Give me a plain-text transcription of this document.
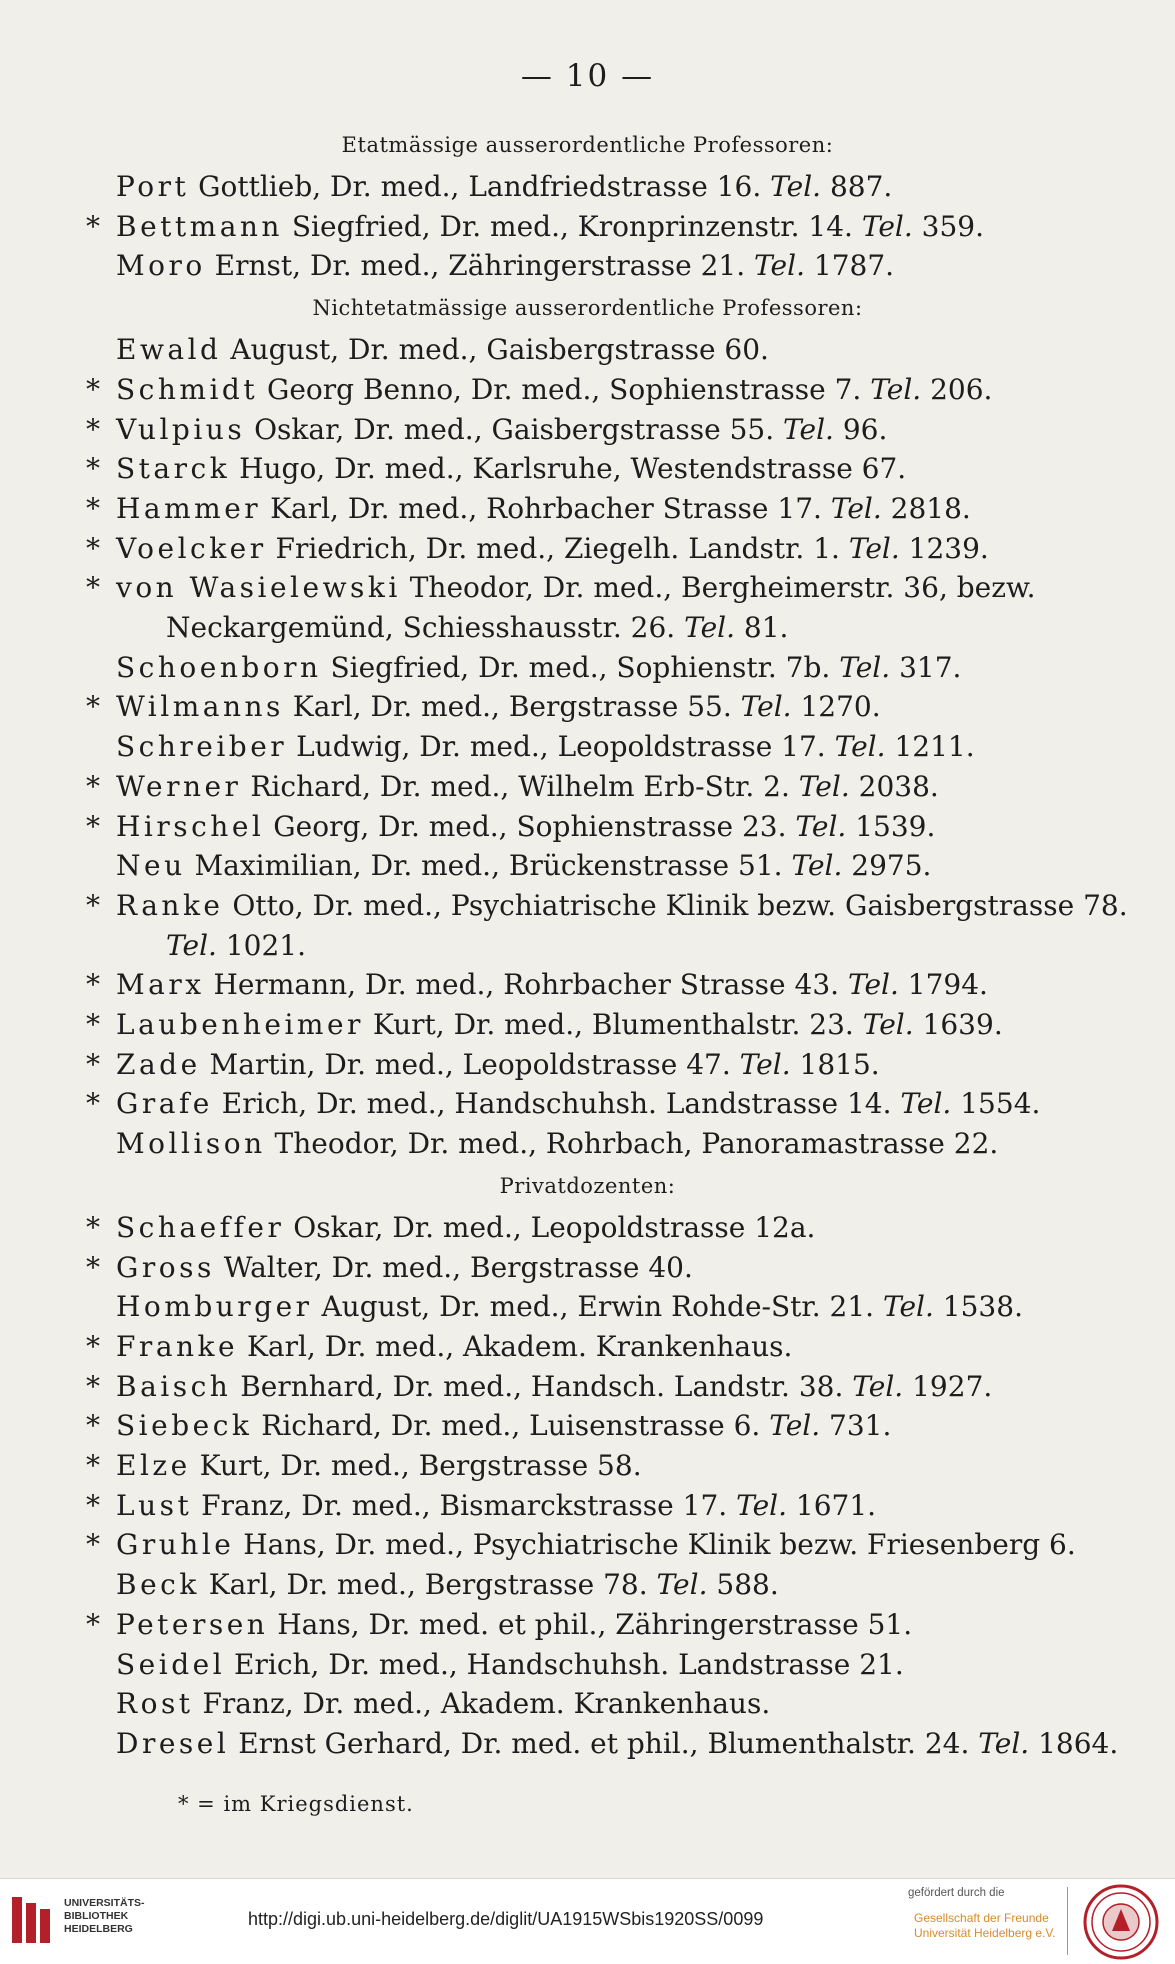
— 10 —
Etatmässige ausserordentliche Professoren:
Port Gottlieb, Dr. med., Landfriedstrasse 16. Tel. 887.
* Bettmann Siegfried, Dr. med., Kronprinzenstr. 14. Tel. 359.
Moro Ernst, Dr. med., Zähringerstrasse 21. Tel. 1787.
Nichtetatmässige ausserordentliche Professoren:
Ewald August, Dr. med., Gaisbergstrasse 60.
* Schmidt Georg Benno, Dr. med., Sophienstrasse 7. Tel. 206.
* Vulpius Oskar, Dr. med., Gaisbergstrasse 55. Tel. 96.
* Starck Hugo, Dr. med., Karlsruhe, Westendstrasse 67.
* Hammer Karl, Dr. med., Rohrbacher Strasse 17. Tel. 2818.
* Voelcker Friedrich, Dr. med., Ziegelh. Landstr. 1. Tel. 1239.
* von Wasielewski Theodor, Dr. med., Bergheimerstr. 36, bezw.
Neckargemünd, Schiesshausstr. 26. Tel. 81.
Schoenborn Siegfried, Dr. med., Sophienstr. 7b. Tel. 317.
* Wilmanns Karl, Dr. med., Bergstrasse 55. Tel. 1270.
Schreiber Ludwig, Dr. med., Leopoldstrasse 17. Tel. 1211.
* Werner Richard, Dr. med., Wilhelm Erb-Str. 2. Tel. 2038.
* Hirschel Georg, Dr. med., Sophienstrasse 23. Tel. 1539.
Neu Maximilian, Dr. med., Brückenstrasse 51. Tel. 2975.
* Ranke Otto, Dr. med., Psychiatrische Klinik bezw. Gaisbergstrasse 78.
Tel. 1021.
* Marx Hermann, Dr. med., Rohrbacher Strasse 43. Tel. 1794.
* Laubenheimer Kurt, Dr. med., Blumenthalstr. 23. Tel. 1639.
* Zade Martin, Dr. med., Leopoldstrasse 47. Tel. 1815.
* Grafe Erich, Dr. med., Handschuhsh. Landstrasse 14. Tel. 1554.
Mollison Theodor, Dr. med., Rohrbach, Panoramastrasse 22.
Privatdozenten:
* Schaeffer Oskar, Dr. med., Leopoldstrasse 12a.
* Gross Walter, Dr. med., Bergstrasse 40.
Homburger August, Dr. med., Erwin Rohde-Str. 21. Tel. 1538.
* Franke Karl, Dr. med., Akadem. Krankenhaus.
* Baisch Bernhard, Dr. med., Handsch. Landstr. 38. Tel. 1927.
* Siebeck Richard, Dr. med., Luisenstrasse 6. Tel. 731.
* Elze Kurt, Dr. med., Bergstrasse 58.
* Lust Franz, Dr. med., Bismarckstrasse 17. Tel. 1671.
* Gruhle Hans, Dr. med., Psychiatrische Klinik bezw. Friesenberg 6.
Beck Karl, Dr. med., Bergstrasse 78. Tel. 588.
* Petersen Hans, Dr. med. et phil., Zähringerstrasse 51.
Seidel Erich, Dr. med., Handschuhsh. Landstrasse 21.
Rost Franz, Dr. med., Akadem. Krankenhaus.
Dresel Ernst Gerhard, Dr. med. et phil., Blumenthalstr. 24. Tel. 1864.
* = im Kriegsdienst.
UNIVERSITÄTS-
BIBLIOTHEK
HEIDELBERG	http://digi.ub.uni-heidelberg.de/diglit/UA1915WSbis1920SS/0099
gefördert durch die
Gesellschaft der Freunde
Universität Heidelberg e.V.
